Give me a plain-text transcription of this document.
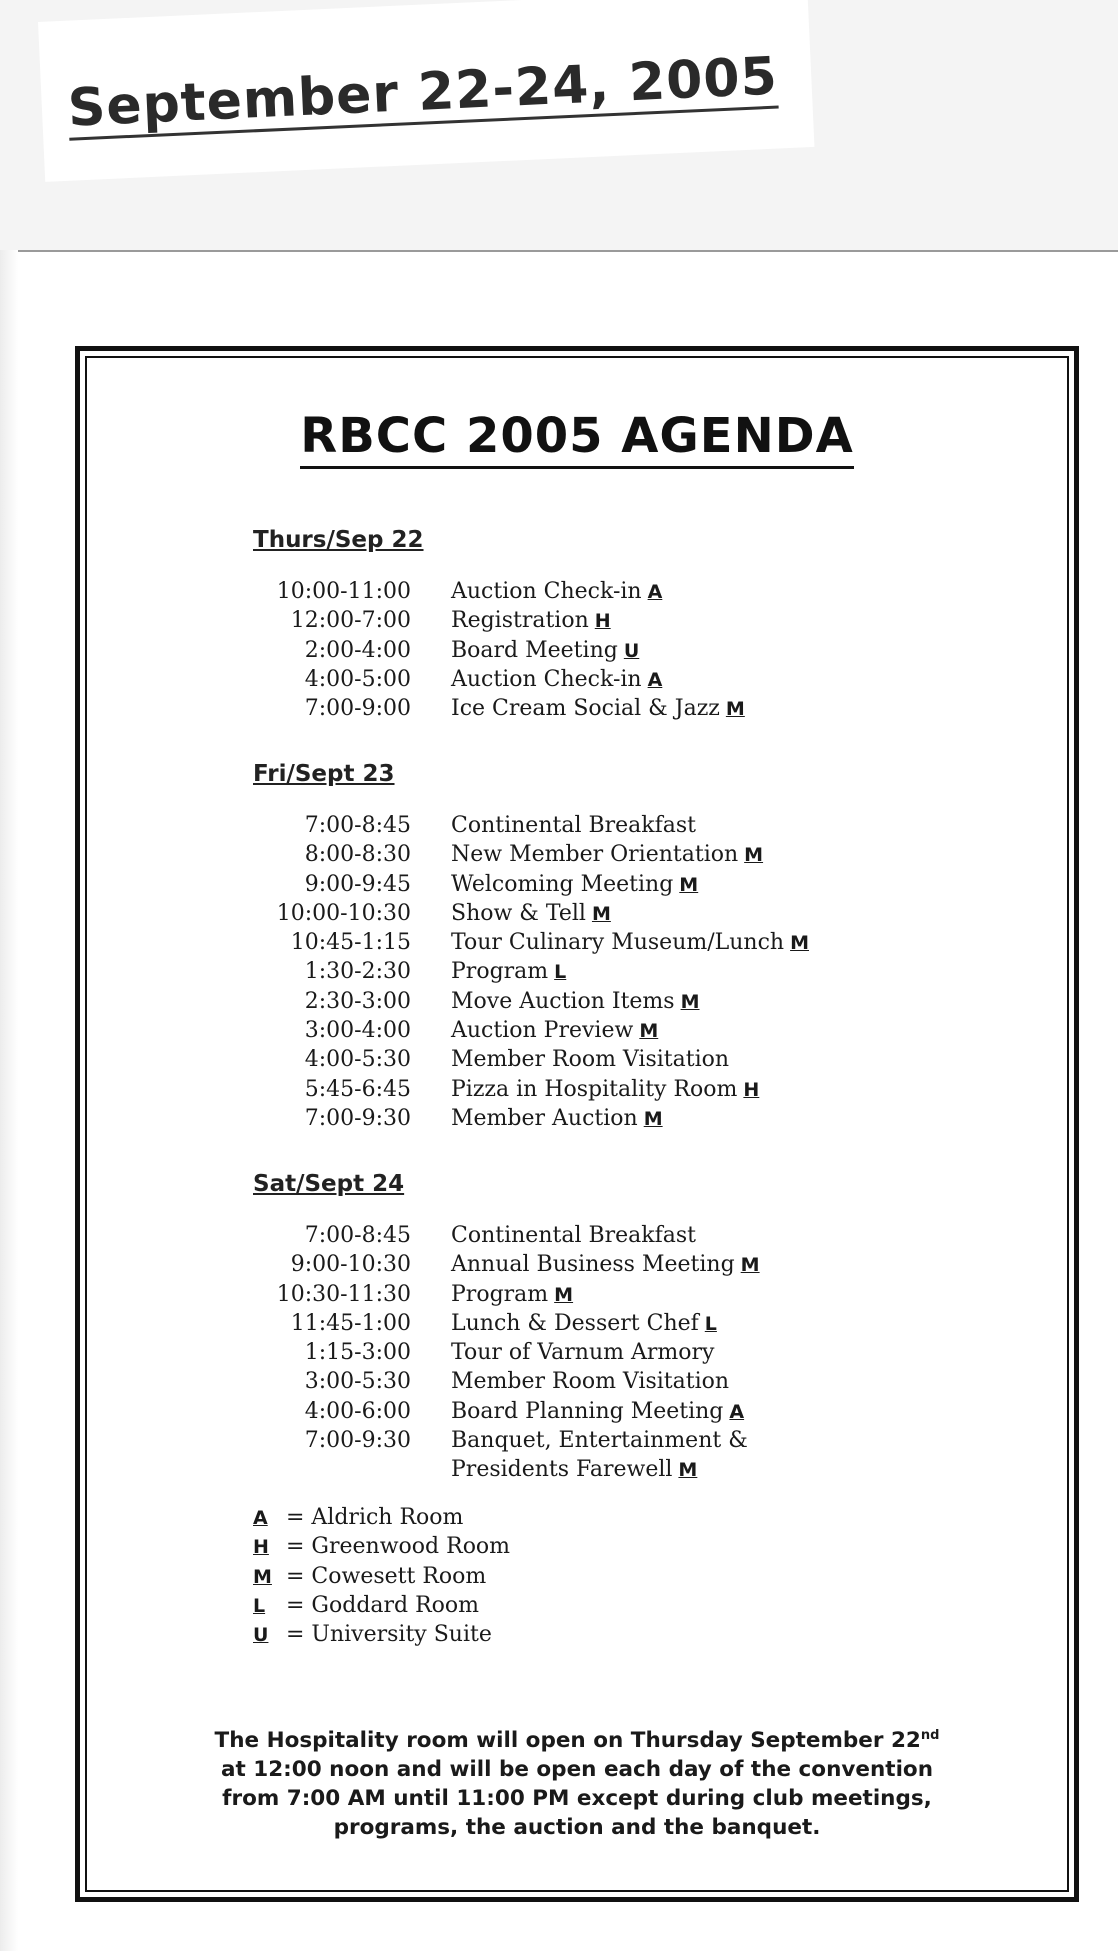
September 22-24, 2005
RBCC 2005 AGENDA
Thurs/Sep 22
10:00-11:00 Auction Check-in A
12:00-7:00 Registration H
2:00-4:00 Board Meeting U
4:00-5:00 Auction Check-in A
7:00-9:00 Ice Cream Social & Jazz M
Fri/Sept 23
7:00-8:45 Continental Breakfast
8:00-8:30 New Member Orientation M
9:00-9:45 Welcoming Meeting M
10:00-10:30 Show & Tell M
10:45-1:15 Tour Culinary Museum/Lunch M
1:30-2:30 Program L
2:30-3:00 Move Auction Items M
3:00-4:00 Auction Preview M
4:00-5:30 Member Room Visitation
5:45-6:45 Pizza in Hospitality Room H
7:00-9:30 Member Auction M
Sat/Sept 24
7:00-8:45 Continental Breakfast
9:00-10:30 Annual Business Meeting M
10:30-11:30 Program M
11:45-1:00 Lunch & Dessert Chef L
1:15-3:00 Tour of Varnum Armory
3:00-5:30 Member Room Visitation
4:00-6:00 Board Planning Meeting A
7:00-9:30 Banquet, Entertainment &
Presidents Farewell M
A = Aldrich Room
H = Greenwood Room
M = Cowesett Room
L = Goddard Room
U = University Suite
The Hospitality room will open on Thursday September 22nd
at 12:00 noon and will be open each day of the convention
from 7:00 AM until 11:00 PM except during club meetings,
programs, the auction and the banquet.
